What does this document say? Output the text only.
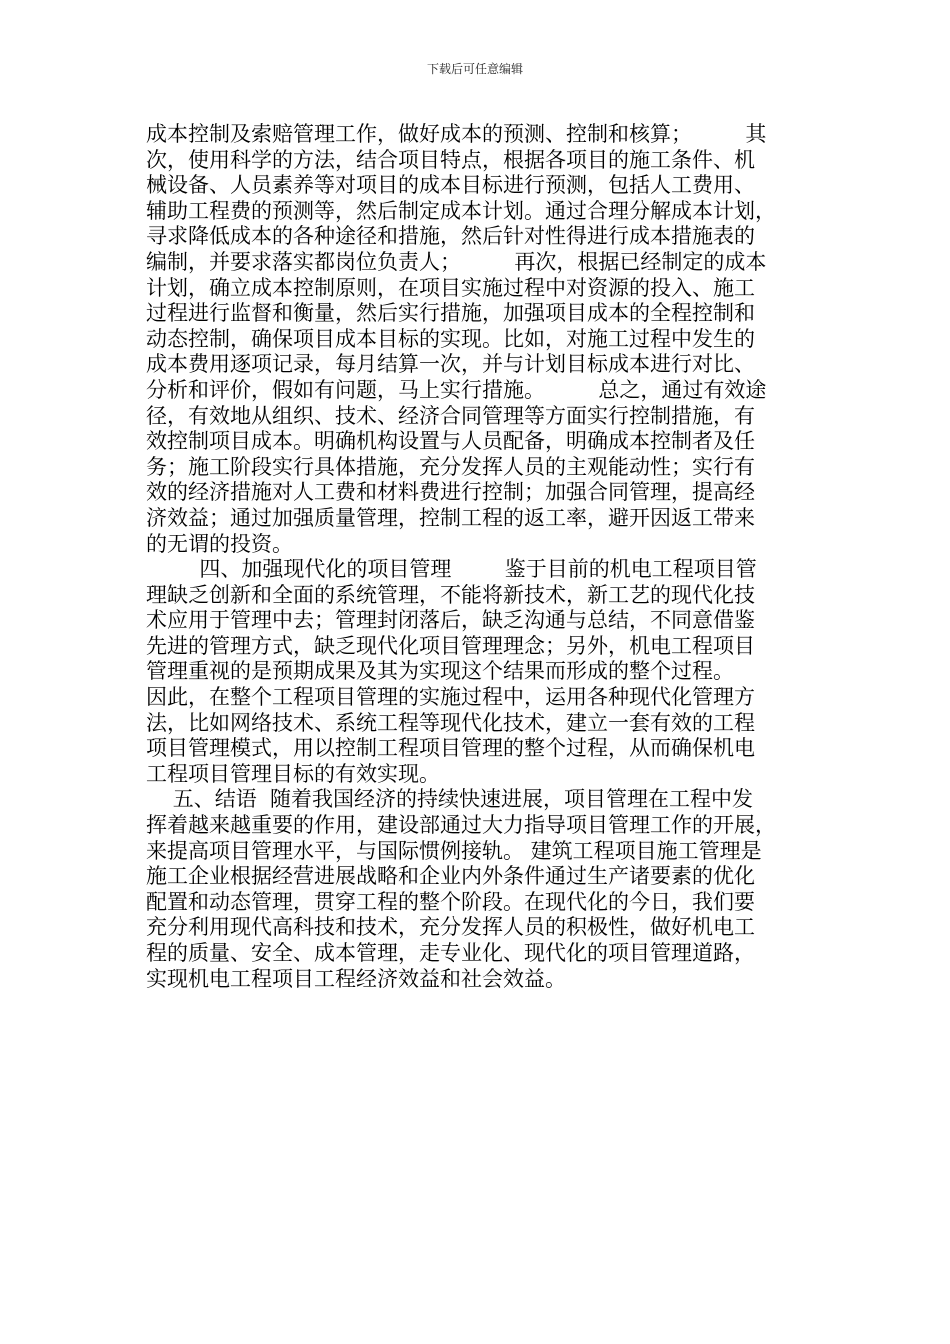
下载后可任意编辑
成本控制及索赔管理工作，做好成本的预测、控制和核算；        其
次，使用科学的方法，结合项目特点，根据各项目的施工条件、机
械设备、人员素养等对项目的成本目标进行预测，包括人工费用、
辅助工程费的预测等，然后制定成本计划。通过合理分解成本计划，
寻求降低成本的各种途径和措施，然后针对性得进行成本措施表的
编制，并要求落实都岗位负责人；        再次，根据已经制定的成本
计划，确立成本控制原则，在项目实施过程中对资源的投入、施工
过程进行监督和衡量，然后实行措施，加强项目成本的全程控制和
动态控制，确保项目成本目标的实现。比如，对施工过程中发生的
成本费用逐项记录，每月结算一次，并与计划目标成本进行对比、
分析和评价，假如有问题，马上实行措施。        总之，通过有效途
径，有效地从组织、技术、经济合同管理等方面实行控制措施，有
效控制项目成本。明确机构设置与人员配备，明确成本控制者及任
务；施工阶段实行具体措施，充分发挥人员的主观能动性；实行有
效的经济措施对人工费和材料费进行控制；加强合同管理，提高经
济效益；通过加强质量管理，控制工程的返工率，避开因返工带来
的无谓的投资。
四、加强现代化的项目管理        鉴于目前的机电工程项目管
理缺乏创新和全面的系统管理，不能将新技术，新工艺的现代化技
术应用于管理中去；管理封闭落后，缺乏沟通与总结，不同意借鉴
先进的管理方式，缺乏现代化项目管理理念；另外，机电工程项目
管理重视的是预期成果及其为实现这个结果而形成的整个过程。
因此，在整个工程项目管理的实施过程中，运用各种现代化管理方
法，比如网络技术、系统工程等现代化技术，建立一套有效的工程
项目管理模式，用以控制工程项目管理的整个过程，从而确保机电
工程项目管理目标的有效实现。
五、结语  随着我国经济的持续快速进展，项目管理在工程中发
挥着越来越重要的作用，建设部通过大力指导项目管理工作的开展，
来提高项目管理水平，与国际惯例接轨。 建筑工程项目施工管理是
施工企业根据经营进展战略和企业内外条件通过生产诸要素的优化
配置和动态管理，贯穿工程的整个阶段。在现代化的今日，我们要
充分利用现代高科技和技术，充分发挥人员的积极性，做好机电工
程的质量、安全、成本管理，走专业化、现代化的项目管理道路，
实现机电工程项目工程经济效益和社会效益。
